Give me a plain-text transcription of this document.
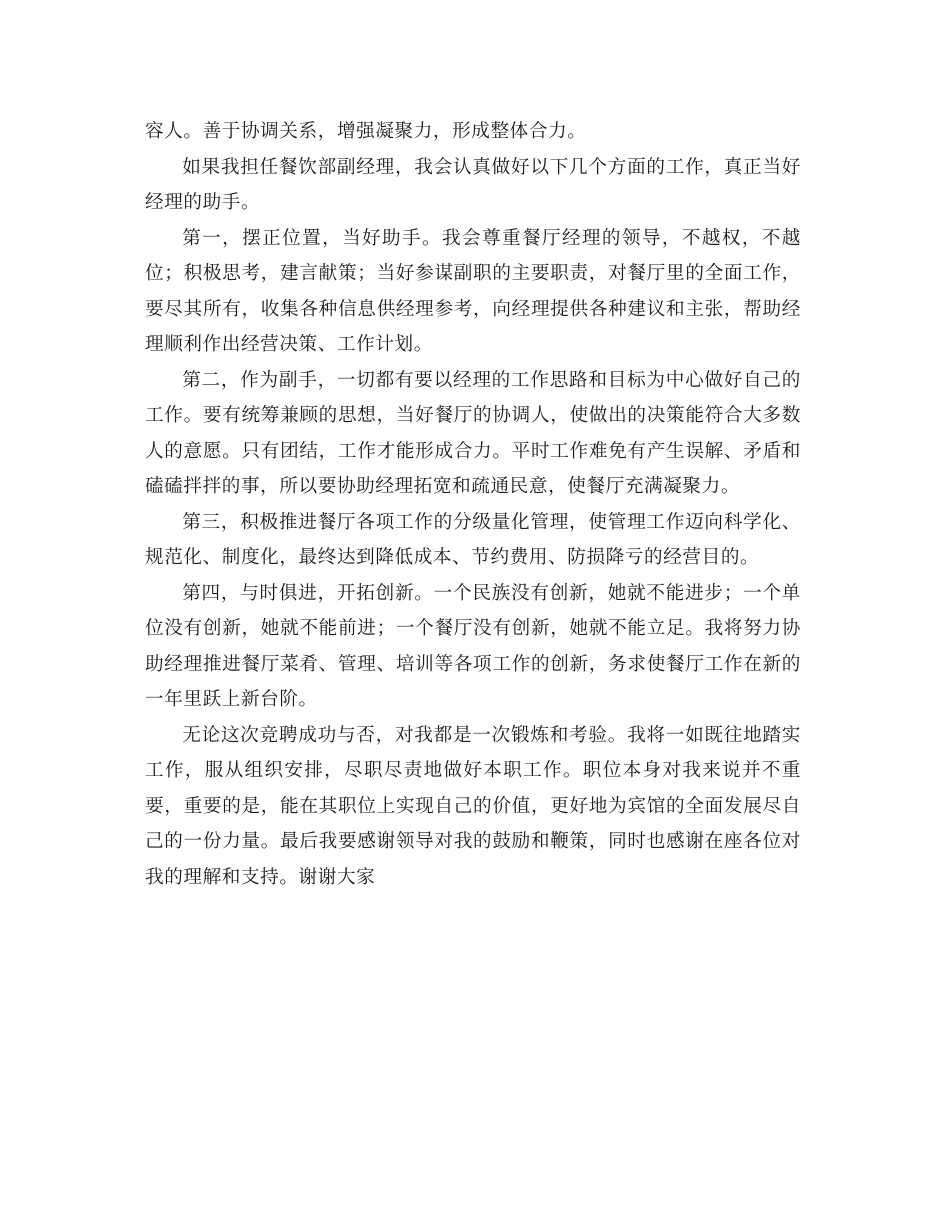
容人。善于协调关系，增强凝聚力，形成整体合力。

如果我担任餐饮部副经理，我会认真做好以下几个方面的工作，真正当好经理的助手。

第一，摆正位置，当好助手。我会尊重餐厅经理的领导，不越权，不越位；积极思考，建言献策；当好参谋副职的主要职责，对餐厅里的全面工作，要尽其所有，收集各种信息供经理参考，向经理提供各种建议和主张，帮助经理顺利作出经营决策、工作计划。

第二，作为副手，一切都有要以经理的工作思路和目标为中心做好自己的工作。要有统筹兼顾的思想，当好餐厅的协调人，使做出的决策能符合大多数人的意愿。只有团结，工作才能形成合力。平时工作难免有产生误解、矛盾和磕磕拌拌的事，所以要协助经理拓宽和疏通民意，使餐厅充满凝聚力。

第三，积极推进餐厅各项工作的分级量化管理，使管理工作迈向科学化、规范化、制度化，最终达到降低成本、节约费用、防损降亏的经营目的。

第四，与时俱进，开拓创新。一个民族没有创新，她就不能进步；一个单位没有创新，她就不能前进；一个餐厅没有创新，她就不能立足。我将努力协助经理推进餐厅菜肴、管理、培训等各项工作的创新，务求使餐厅工作在新的一年里跃上新台阶。

无论这次竞聘成功与否，对我都是一次锻炼和考验。我将一如既往地踏实工作，服从组织安排，尽职尽责地做好本职工作。职位本身对我来说并不重要，重要的是，能在其职位上实现自己的价值，更好地为宾馆的全面发展尽自己的一份力量。最后我要感谢领导对我的鼓励和鞭策，同时也感谢在座各位对我的理解和支持。谢谢大家
